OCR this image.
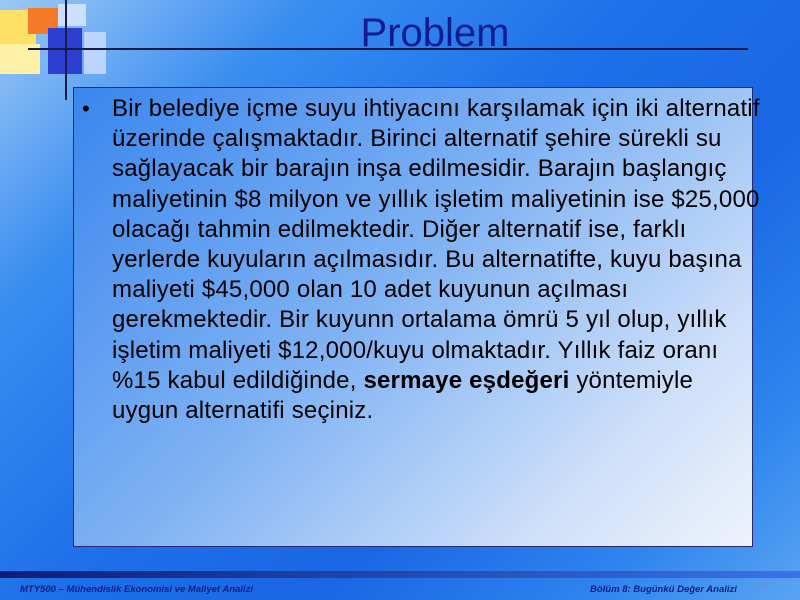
Problem
• Bir belediye içme suyu ihtiyacını karşılamak için iki alternatif üzerinde çalışmaktadır. Birinci alternatif şehire sürekli su sağlayacak bir barajın inşa edilmesidir. Barajın başlangıç maliyetinin $8 milyon ve yıllık işletim maliyetinin ise $25,000 olacağı tahmin edilmektedir. Diğer alternatif ise, farklı yerlerde kuyuların açılmasıdır. Bu alternatifte, kuyu başına maliyeti $45,000 olan 10 adet kuyunun açılması gerekmektedir. Bir kuyunn ortalama ömrü 5 yıl olup, yıllık işletim maliyeti $12,000/kuyu olmaktadır. Yıllık faiz oranı %15 kabul edildiğinde, sermaye eşdeğeri yöntemiyle uygun alternatifi seçiniz.
MTY500 – Mühendislik Ekonomisi ve Maliyet Analizi	Bölüm 8: Bugünkü Değer Analizi 26
